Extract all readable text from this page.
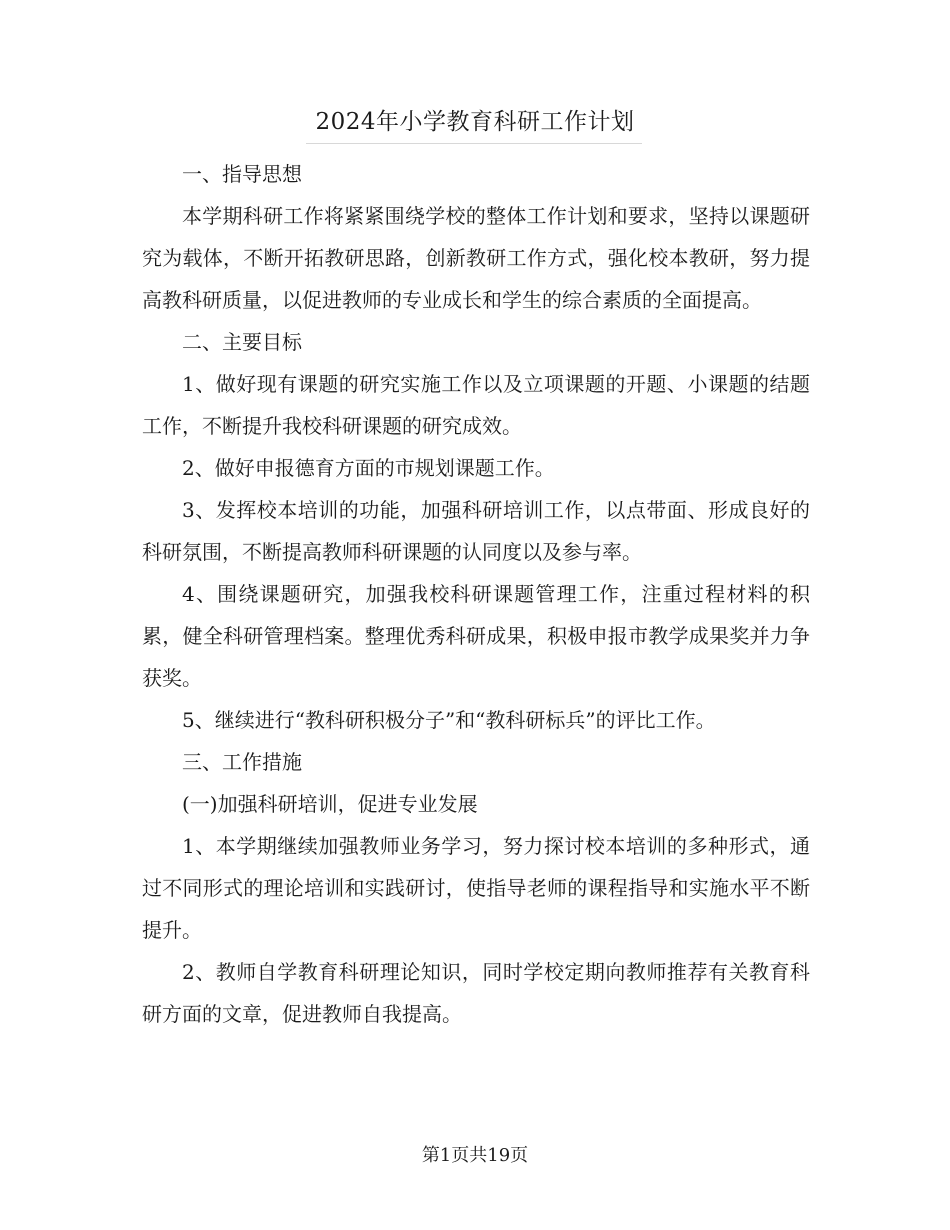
2024年小学教育科研工作计划

一、指导思想

本学期科研工作将紧紧围绕学校的整体工作计划和要求，坚持以课题研究为载体，不断开拓教研思路，创新教研工作方式，强化校本教研，努力提高教科研质量，以促进教师的专业成长和学生的综合素质的全面提高。

二、主要目标

1、做好现有课题的研究实施工作以及立项课题的开题、小课题的结题工作，不断提升我校科研课题的研究成效。

2、做好申报德育方面的市规划课题工作。

3、发挥校本培训的功能，加强科研培训工作，以点带面、形成良好的科研氛围，不断提高教师科研课题的认同度以及参与率。

4、围绕课题研究，加强我校科研课题管理工作，注重过程材料的积累，健全科研管理档案。整理优秀科研成果，积极申报市教学成果奖并力争获奖。

5、继续进行“教科研积极分子”和“教科研标兵”的评比工作。

三、工作措施

(一)加强科研培训，促进专业发展

1、本学期继续加强教师业务学习，努力探讨校本培训的多种形式，通过不同形式的理论培训和实践研讨，使指导老师的课程指导和实施水平不断提升。

2、教师自学教育科研理论知识，同时学校定期向教师推荐有关教育科研方面的文章，促进教师自我提高。

第1页共19页
